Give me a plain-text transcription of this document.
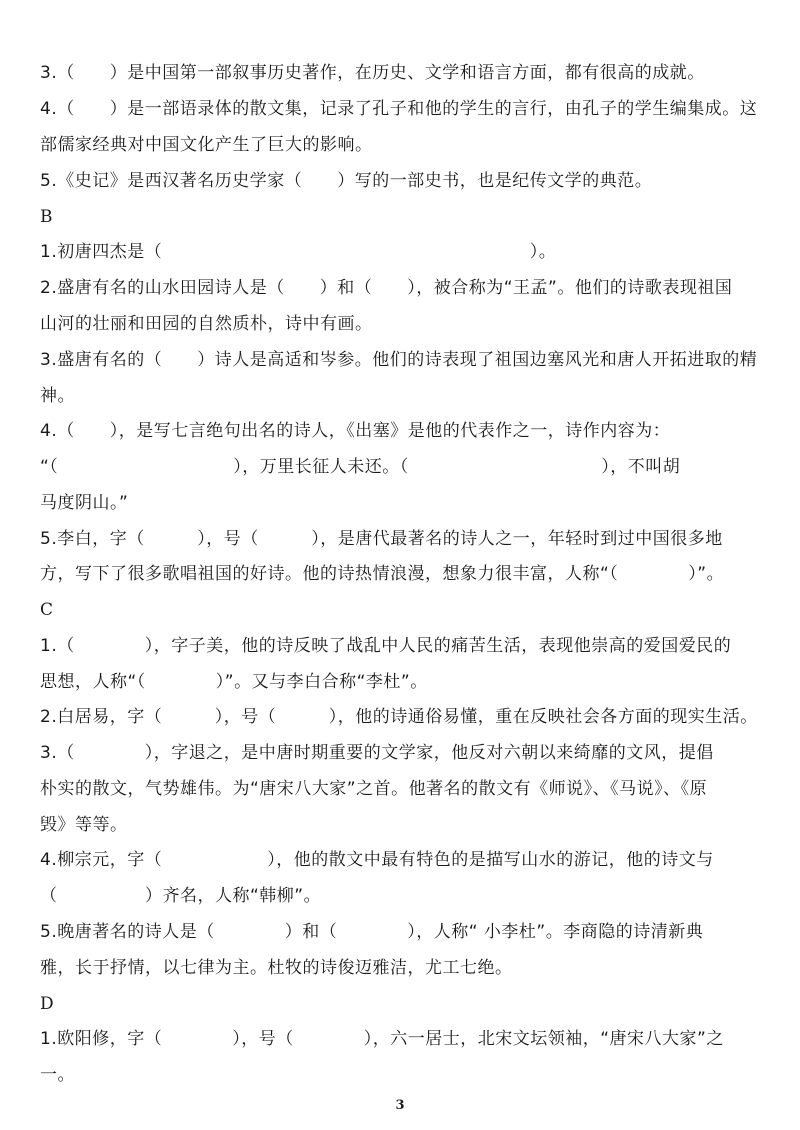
3.（　　）是中国第一部叙事历史著作，在历史、文学和语言方面，都有很高的成就。
4.（　　）是一部语录体的散文集，记录了孔子和他的学生的言行，由孔子的学生编集成。这
部儒家经典对中国文化产生了巨大的影响。
5.《史记》是西汉著名历史学家（　　）写的一部史书，也是纪传文学的典范。
B
1.初唐四杰是（　　　　　　　　　　　　　　　　　　　　　）。
2.盛唐有名的山水田园诗人是（　　）和（　　），被合称为“王孟”。他们的诗歌表现祖国
山河的壮丽和田园的自然质朴，诗中有画。
3.盛唐有名的（　　）诗人是高适和岑参。他们的诗表现了祖国边塞风光和唐人开拓进取的精
神。
4.（　　），是写七言绝句出名的诗人，《出塞》是他的代表作之一，诗作内容为：
“（　　　　　　　　　　），万里长征人未还。（　　　　　　　　　　　），不叫胡
马度阴山。”
5.李白，字（　　　），号（　　　），是唐代最著名的诗人之一，年轻时到过中国很多地
方，写下了很多歌唱祖国的好诗。他的诗热情浪漫，想象力很丰富，人称“（　　　　）”。
C
1.（　　　　），字子美，他的诗反映了战乱中人民的痛苦生活，表现他崇高的爱国爱民的
思想，人称“（　　　　）”。又与李白合称“李杜”。
2.白居易，字（　　　），号（　　　），他的诗通俗易懂，重在反映社会各方面的现实生活。
3.（　　　　），字退之，是中唐时期重要的文学家，他反对六朝以来绮靡的文风，提倡
朴实的散文，气势雄伟。为“唐宋八大家”之首。他著名的散文有《师说》、《马说》、《原
毁》等等。
4.柳宗元，字（　　　　　　），他的散文中最有特色的是描写山水的游记，他的诗文与
（　　　　　）齐名，人称“韩柳”。
5.晚唐著名的诗人是（　　　　）和（　　　　），人称“ 小李杜”。李商隐的诗清新典
雅，长于抒情，以七律为主。杜牧的诗俊迈雅洁，尤工七绝。
D
1.欧阳修，字（　　　　），号（　　　　），六一居士，北宋文坛领袖，“唐宋八大家”之
一。
3
